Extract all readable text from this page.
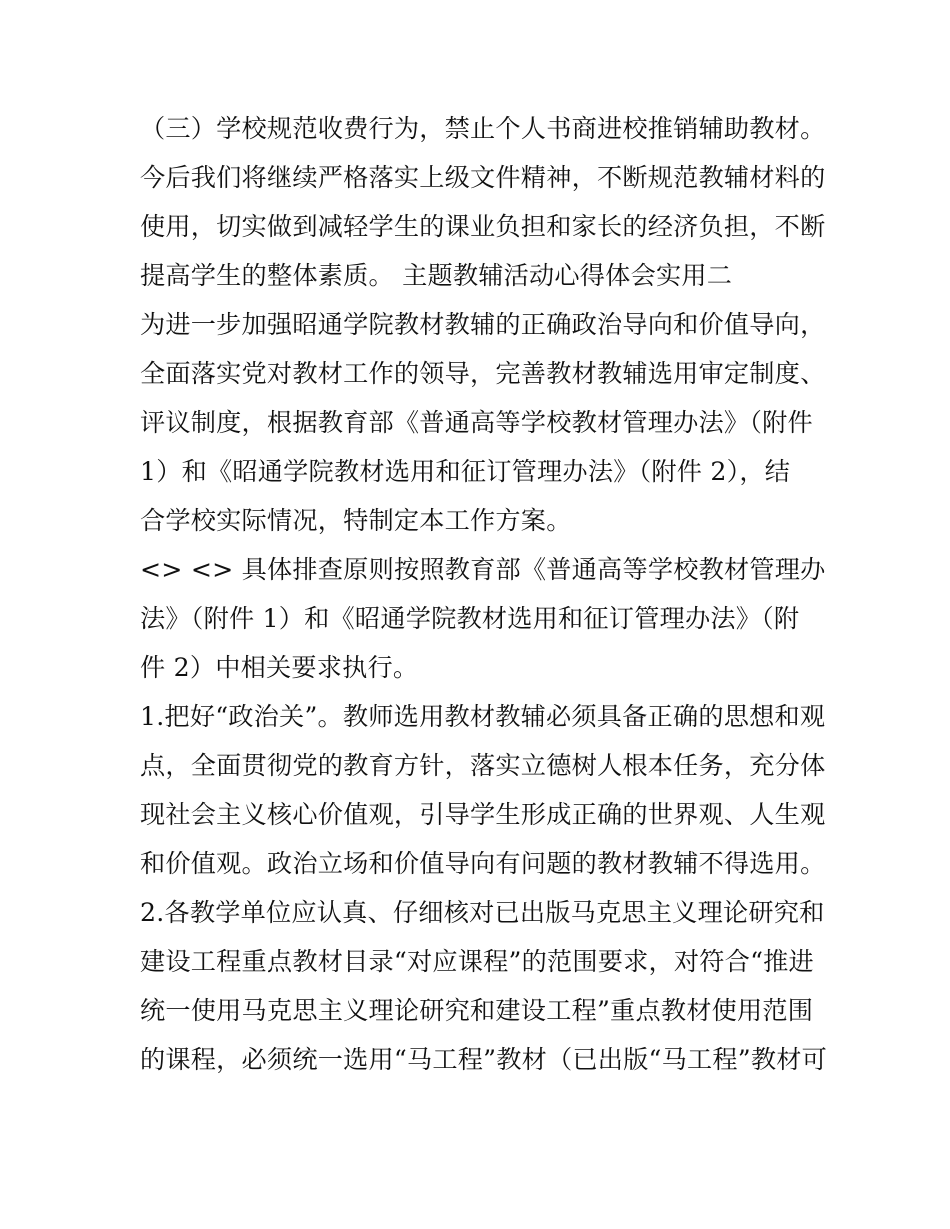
（三）学校规范收费行为，禁止个人书商进校推销辅助教材。
今后我们将继续严格落实上级文件精神，不断规范教辅材料的
使用，切实做到减轻学生的课业负担和家长的经济负担，不断
提高学生的整体素质。 主题教辅活动心得体会实用二
为进一步加强昭通学院教材教辅的正确政治导向和价值导向，
全面落实党对教材工作的领导，完善教材教辅选用审定制度、
评议制度，根据教育部《普通高等学校教材管理办法》（附件
1）和《昭通学院教材选用和征订管理办法》（附件 2），结
合学校实际情况，特制定本工作方案。
<> <> 具体排查原则按照教育部《普通高等学校教材管理办
法》（附件 1）和《昭通学院教材选用和征订管理办法》（附
件 2）中相关要求执行。
1.把好“政治关”。教师选用教材教辅必须具备正确的思想和观
点，全面贯彻党的教育方针，落实立德树人根本任务，充分体
现社会主义核心价值观，引导学生形成正确的世界观、人生观
和价值观。政治立场和价值导向有问题的教材教辅不得选用。
2.各教学单位应认真、仔细核对已出版马克思主义理论研究和
建设工程重点教材目录“对应课程”的范围要求，对符合“推进
统一使用马克思主义理论研究和建设工程”重点教材使用范围
的课程，必须统一选用“马工程”教材（已出版“马工程”教材可
